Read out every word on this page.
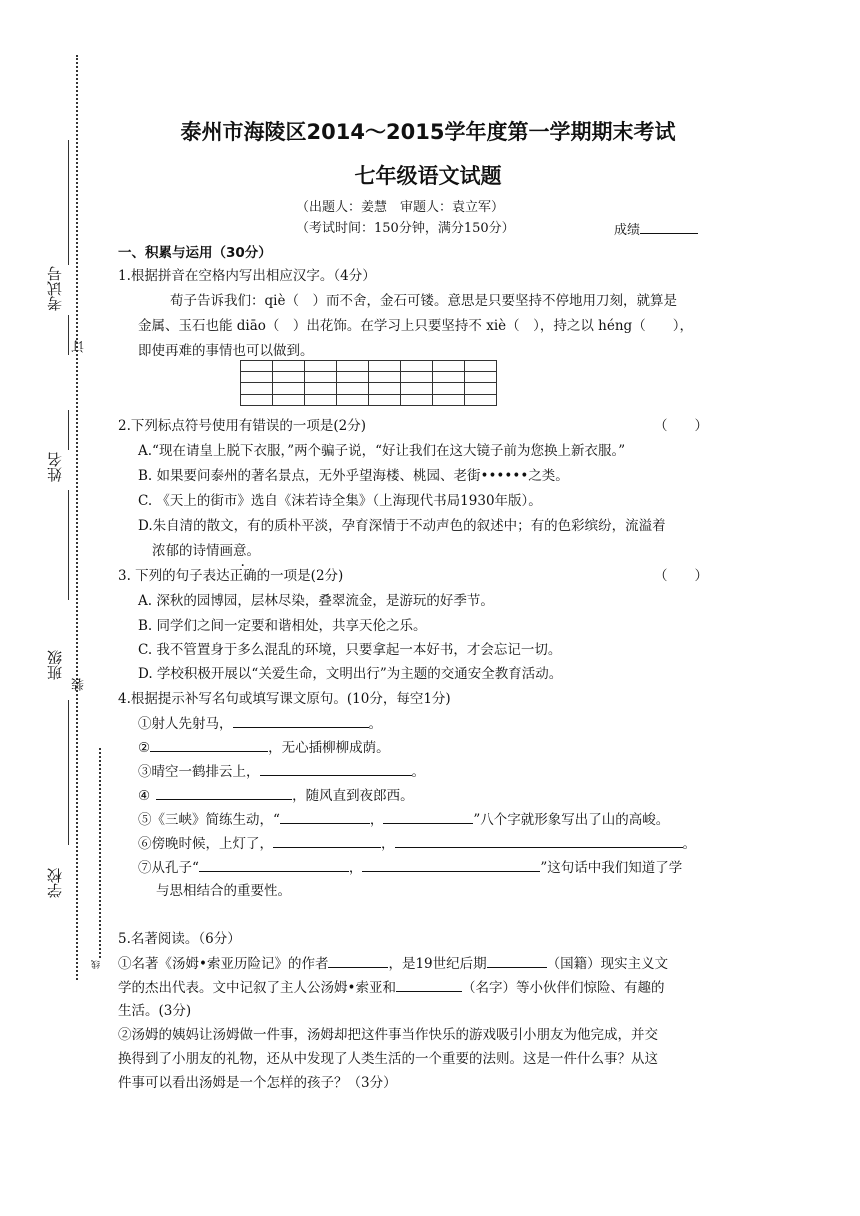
考试号
订
姓名
班级
装
学校
线
泰州市海陵区2014～2015学年度第一学期期末考试
七年级语文试题
（出题人：姜慧　审题人：袁立军）
（考试时间：150分钟，满分150分）	成绩
一、积累与运用（30分）
1.根据拼音在空格内写出相应汉字。（4分）
荀子告诉我们：qiè（　）而不舍，金石可镂。意思是只要坚持不停地用刀刻，就算是
金属、玉石也能 diāo（　）出花饰。在学习上只要坚持不 xiè（　），持之以 héng（　　），
即使再难的事情也可以做到。

2.下列标点符号使用有错误的一项是(2分)	（　　）
A.“现在请皇上脱下衣服，”两个骗子说，“好让我们在这大镜子前为您换上新衣服。”
B. 如果要问泰州的著名景点，无外乎望海楼、桃园、老街••••••之类。
C. 《天上的街市》选自《沫若诗全集》（上海现代书局1930年版）。
D.朱自清的散文，有的质朴平淡，孕育深情于不动声色的叙述中；有的色彩缤纷，流溢着
浓郁的诗情画意。
3. 下列的句子表达正确的一项是(2分)	（　　）
A. 深秋的园博园，层林尽染，叠翠流金，是游玩的好季节。
B. 同学们之间一定要和谐相处，共享天伦之乐。
C. 我不管置身于多么混乱的环境，只要拿起一本好书，才会忘记一切。
D. 学校积极开展以“关爱生命，文明出行”为主题的交通安全教育活动。
4.根据提示补写名句或填写课文原句。(10分，每空1分)
①射人先射马，	。
②	，无心插柳柳成荫。
③晴空一鹤排云上，	。
④	，随风直到夜郎西。
⑤《三峡》简练生动，“	，	”八个字就形象写出了山的高峻。
⑥傍晚时候，上灯了，	，	。
⑦从孔子“	，	”这句话中我们知道了学
与思相结合的重要性。
5.名著阅读。（6分）
①名著《汤姆•索亚历险记》的作者	，是19世纪后期	（国籍）现实主义文
学的杰出代表。文中记叙了主人公汤姆•索亚和	（名字）等小伙伴们惊险、有趣的
生活。(3分)
②汤姆的姨妈让汤姆做一件事，汤姆却把这件事当作快乐的游戏吸引小朋友为他完成，并交
换得到了小朋友的礼物，还从中发现了人类生活的一个重要的法则。这是一件什么事？从这
件事可以看出汤姆是一个怎样的孩子？（3分）
